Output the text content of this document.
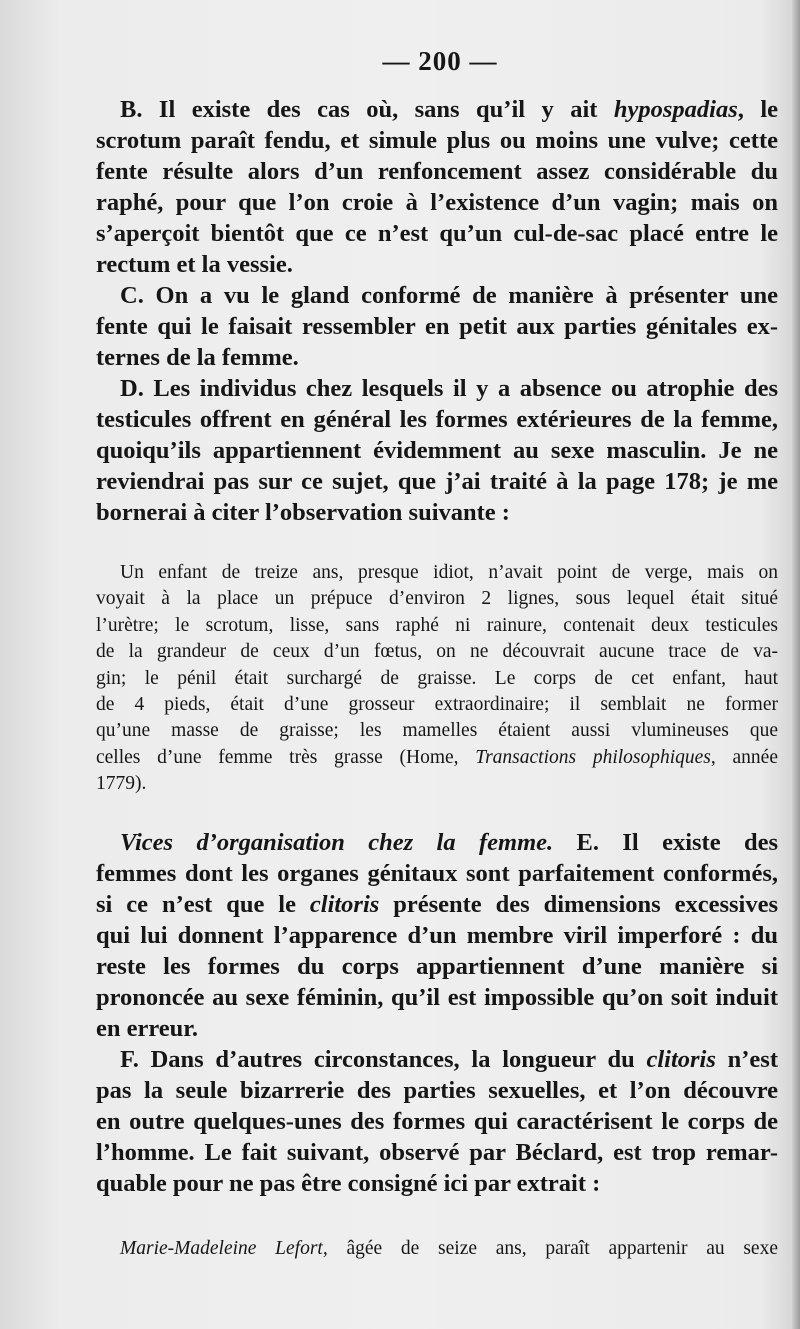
— 200 —
B. Il existe des cas où, sans qu’il y ait hypospadias, le
scrotum paraît fendu, et simule plus ou moins une vulve; cette
fente résulte alors d’un renfoncement assez considérable du
raphé, pour que l’on croie à l’existence d’un vagin; mais on
s’aperçoit bientôt que ce n’est qu’un cul-de-sac placé entre le
rectum et la vessie.
C. On a vu le gland conformé de manière à présenter une
fente qui le faisait ressembler en petit aux parties génitales ex-
ternes de la femme.
D. Les individus chez lesquels il y a absence ou atrophie des
testicules offrent en général les formes extérieures de la femme,
quoiqu’ils appartiennent évidemment au sexe masculin. Je ne
reviendrai pas sur ce sujet, que j’ai traité à la page 178; je me
bornerai à citer l’observation suivante :
Un enfant de treize ans, presque idiot, n’avait point de verge, mais on
voyait à la place un prépuce d’environ 2 lignes, sous lequel était situé
l’urètre; le scrotum, lisse, sans raphé ni rainure, contenait deux testicules
de la grandeur de ceux d’un fœtus, on ne découvrait aucune trace de va-
gin; le pénil était surchargé de graisse. Le corps de cet enfant, haut
de 4 pieds, était d’une grosseur extraordinaire; il semblait ne former
qu’une masse de graisse; les mamelles étaient aussi vlumineuses que
celles d’une femme très grasse (Home, Transactions philosophiques, année
1779).
Vices d’organisation chez la femme. E. Il existe des
femmes dont les organes génitaux sont parfaitement conformés,
si ce n’est que le clitoris présente des dimensions excessives
qui lui donnent l’apparence d’un membre viril imperforé : du
reste les formes du corps appartiennent d’une manière si
prononcée au sexe féminin, qu’il est impossible qu’on soit induit
en erreur.
F. Dans d’autres circonstances, la longueur du clitoris n’est
pas la seule bizarrerie des parties sexuelles, et l’on découvre
en outre quelques-unes des formes qui caractérisent le corps de
l’homme. Le fait suivant, observé par Béclard, est trop remar-
quable pour ne pas être consigné ici par extrait :
Marie-Madeleine Lefort, âgée de seize ans, paraît appartenir au sexe
